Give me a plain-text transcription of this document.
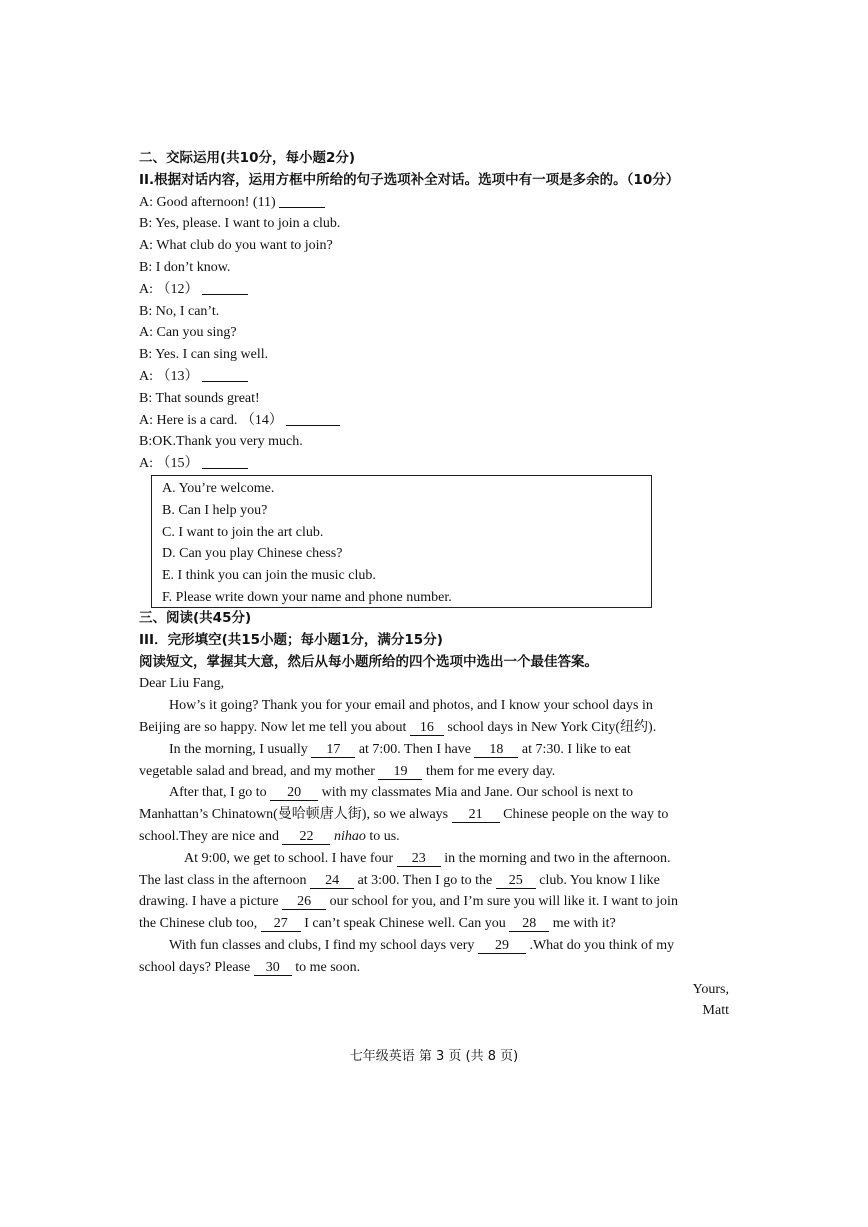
二、交际运用(共10分，每小题2分)
II.根据对话内容，运用方框中所给的句子选项补全对话。选项中有一项是多余的。（10分）
A: Good afternoon! (11)
B: Yes, please. I want to join a club.
A: What club do you want to join?
B: I don’t know.
A: （12）
B: No, I can’t.
A: Can you sing?
B: Yes. I can sing well.
A: （13）
B: That sounds great!
A: Here is a card. （14）
B:OK.Thank you very much.
A: （15）
A. You’re welcome.
B. Can I help you?
C. I want to join the art club.
D. Can you play Chinese chess?
E. I think you can join the music club.
F. Please write down your name and phone number.
三、阅读(共45分)
III．完形填空(共15小题；每小题1分，满分15分)
阅读短文，掌握其大意，然后从每小题所给的四个选项中选出一个最佳答案。
Dear Liu Fang,
How’s it going? Thank you for your email and photos, and I know your school days in
Beijing are so happy. Now let me tell you about 16 school days in New York City(纽约).
In the morning, I usually 17 at 7:00. Then I have 18 at 7:30. I like to eat
vegetable salad and bread, and my mother 19 them for me every day.
After that, I go to 20 with my classmates Mia and Jane. Our school is next to
Manhattan’s Chinatown(曼哈顿唐人街), so we always 21 Chinese people on the way to
school.They are nice and 22 nihao to us.
At 9:00, we get to school. I have four 23 in the morning and two in the afternoon.
The last class in the afternoon 24 at 3:00. Then I go to the 25 club. You know I like
drawing. I have a picture 26 our school for you, and I’m sure you will like it. I want to join
the Chinese club too, 27 I can’t speak Chinese well. Can you 28 me with it?
With fun classes and clubs, I find my school days very 29 .What do you think of my
school days? Please 30 to me soon.
Yours,
Matt
七年级英语 第 3 页 (共 8 页)
